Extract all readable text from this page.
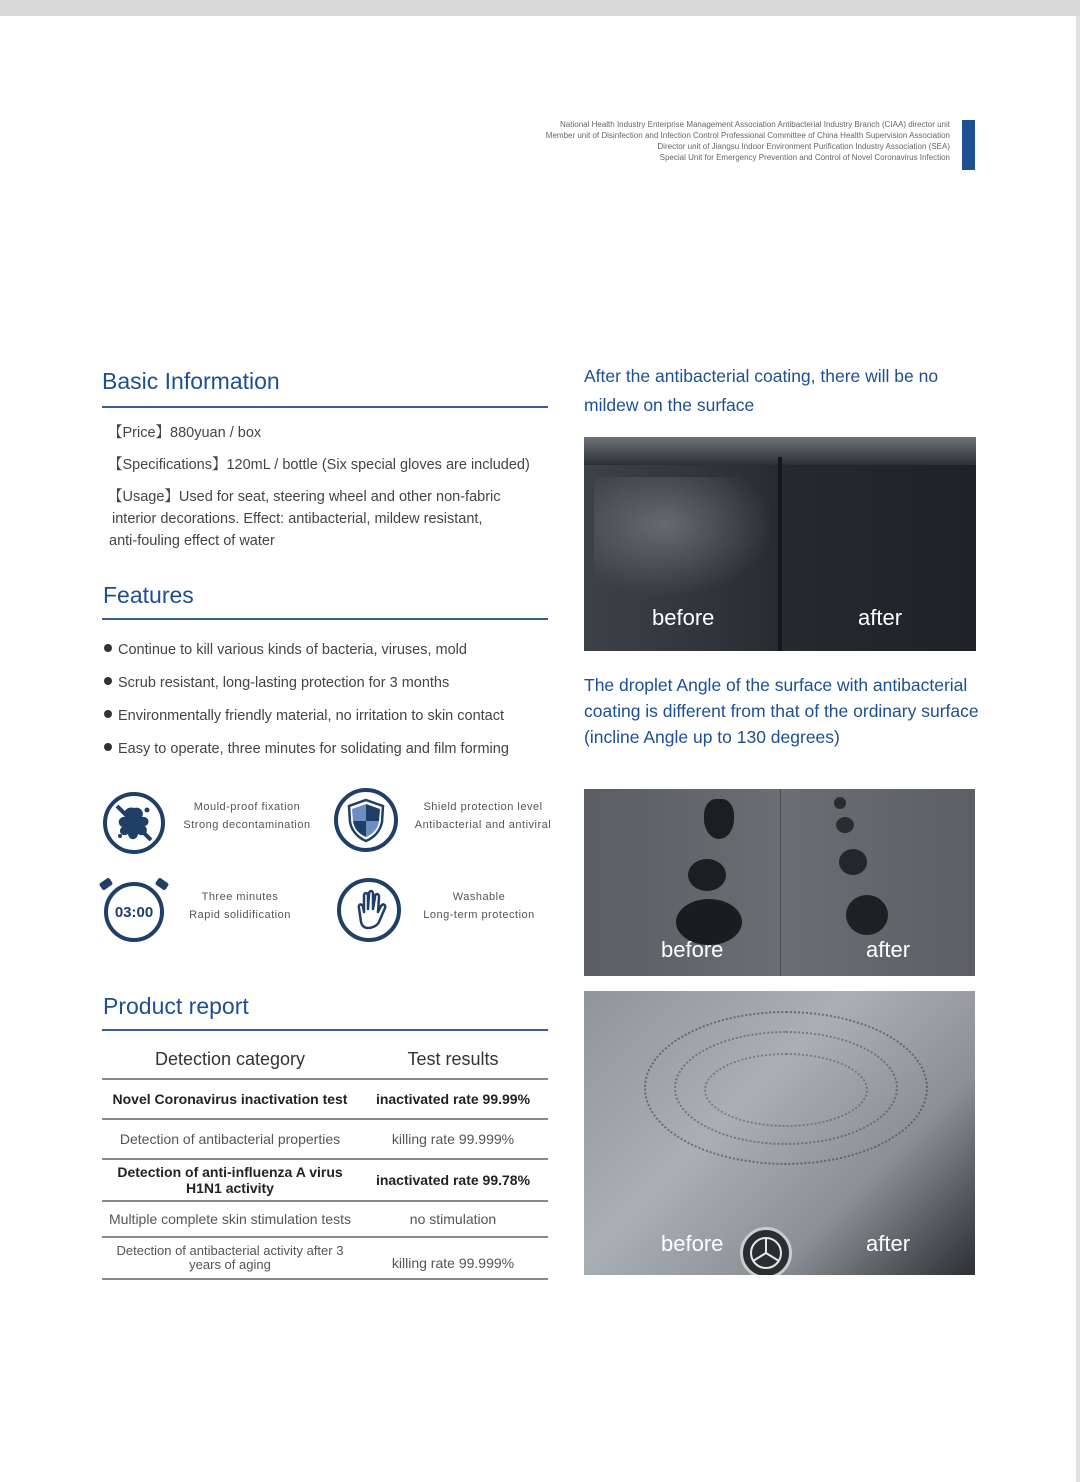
National Health Industry Enterprise Management Association Antibacterial Industry Branch (CIAA) director unit
Member unit of Disinfection and Infection Control Professional Committee of China Health Supervision Association
Director unit of Jiangsu Indoor Environment Purification Industry Association (SEA)
Special Unit for Emergency Prevention and Control of Novel Coronavirus Infection
Basic Information
【Price】880yuan / box
【Specifications】120mL / bottle (Six special gloves are included)
【Usage】Used for seat, steering wheel and other non-fabric
interior decorations. Effect: antibacterial, mildew resistant,
anti-fouling effect of water
Features
Continue to kill various kinds of bacteria, viruses, mold
Scrub resistant, long-lasting protection for 3 months
Environmentally friendly material, no irritation to skin contact
Easy to operate, three minutes for solidating and film forming
Mould-proof fixation
Strong decontamination
Shield protection level
Antibacterial and antiviral
03:00
Three minutes
Rapid solidification
Washable
Long-term protection
Product report
Detection category	Test results
Novel Coronavirus inactivation test	inactivated rate 99.99%
Detection of antibacterial properties	killing rate 99.999%
Detection of anti-influenza A virus H1N1 activity	inactivated rate 99.78%
Multiple complete skin stimulation tests	no stimulation
Detection of antibacterial activity after 3 years of aging	killing rate 99.999%
After the antibacterial coating, there will be no mildew on the surface
before	after
The droplet Angle of the surface with antibacterial coating is different from that of the ordinary surface (incline Angle up to 130 degrees)
before	after
before	after
